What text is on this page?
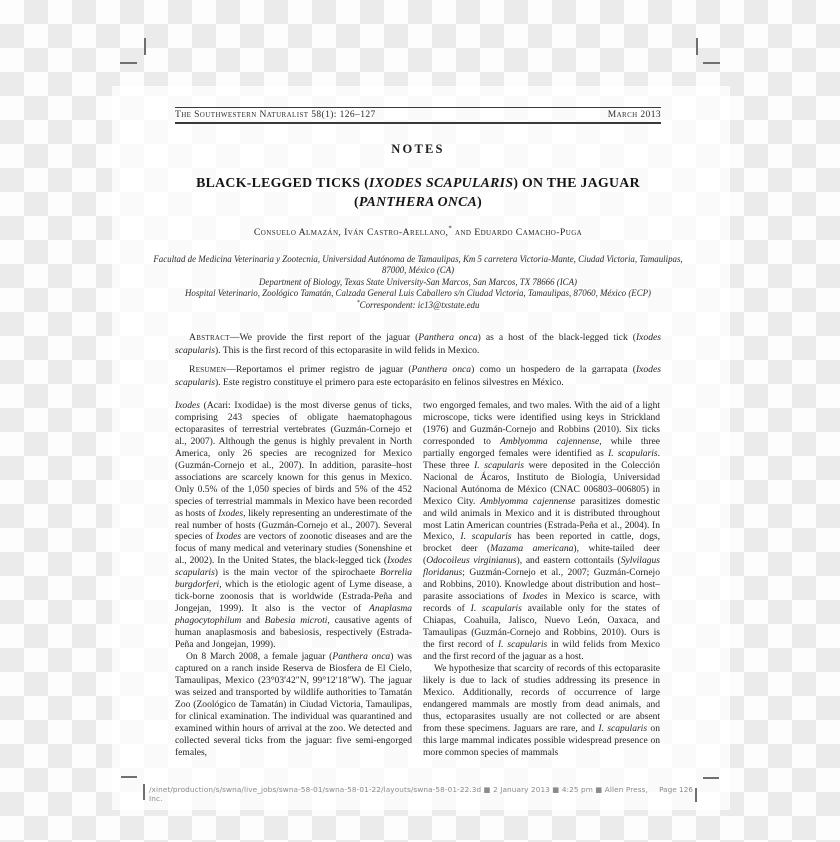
The Southwestern Naturalist 58(1): 126–127	March 2013
NOTES
BLACK-LEGGED TICKS (IXODES SCAPULARIS) ON THE JAGUAR
(PANTHERA ONCA)
Consuelo Almazán, Iván Castro-Arellano,* and Eduardo Camacho-Puga
Facultad de Medicina Veterinaria y Zootecnia, Universidad Autónoma de Tamaulipas, Km 5 carretera Victoria-Mante, Ciudad Victoria, Tamaulipas, 87000, México (CA)
Department of Biology, Texas State University-San Marcos, San Marcos, TX 78666 (ICA)
Hospital Veterinario, Zoológico Tamatán, Calzada General Luis Caballero s/n Ciudad Victoria, Tamaulipas, 87060, México (ECP)
*Correspondent: ic13@txstate.edu

Abstract—We provide the first report of the jaguar (Panthera onca) as a host of the black-legged tick (Ixodes scapularis). This is the first record of this ectoparasite in wild felids in Mexico.

Resumen—Reportamos el primer registro de jaguar (Panthera onca) como un hospedero de la garrapata (Ixodes scapularis). Este registro constituye el primero para este ectoparásito en felinos silvestres en México.

Ixodes (Acari: Ixodidae) is the most diverse genus of ticks, comprising 243 species of obligate haematophagous ectoparasites of terrestrial vertebrates (Guzmán-Cornejo et al., 2007). Although the genus is highly prevalent in North America, only 26 species are recognized for Mexico (Guzmán-Cornejo et al., 2007). In addition, parasite–host associations are scarcely known for this genus in Mexico. Only 0.5% of the 1,050 species of birds and 5% of the 452 species of terrestrial mammals in Mexico have been recorded as hosts of Ixodes, likely representing an underestimate of the real number of hosts (Guzmán-Cornejo et al., 2007). Several species of Ixodes are vectors of zoonotic diseases and are the focus of many medical and veterinary studies (Sonenshine et al., 2002). In the United States, the black-legged tick (Ixodes scapularis) is the main vector of the spirochaete Borrelia burgdorferi, which is the etiologic agent of Lyme disease, a tick-borne zoonosis that is worldwide (Estrada-Peña and Jongejan, 1999). It also is the vector of Anaplasma phagocytophilum and Babesia microti, causative agents of human anaplasmosis and babesiosis, respectively (Estrada-Peña and Jongejan, 1999).

On 8 March 2008, a female jaguar (Panthera onca) was captured on a ranch inside Reserva de Biosfera de El Cielo, Tamaulipas, Mexico (23°03′42″N, 99°12′18″W). The jaguar was seized and transported by wildlife authorities to Tamatán Zoo (Zoológico de Tamatán) in Ciudad Victoria, Tamaulipas, for clinical examination. The individual was quarantined and examined within hours of arrival at the zoo. We detected and collected several ticks from the jaguar: five semi-engorged females,

two engorged females, and two males. With the aid of a light microscope, ticks were identified using keys in Strickland (1976) and Guzmán-Cornejo and Robbins (2010). Six ticks corresponded to Amblyomma cajennense, while three partially engorged females were identified as I. scapularis. These three I. scapularis were deposited in the Colección Nacional de Ácaros, Instituto de Biología, Universidad Nacional Autónoma de México (CNAC 006803–006805) in Mexico City. Amblyomma cajennense parasitizes domestic and wild animals in Mexico and it is distributed throughout most Latin American countries (Estrada-Peña et al., 2004). In Mexico, I. scapularis has been reported in cattle, dogs, brocket deer (Mazama americana), white-tailed deer (Odocoileus virginianus), and eastern cottontails (Sylvilagus floridanus; Guzmán-Cornejo et al., 2007; Guzmán-Cornejo and Robbins, 2010). Knowledge about distribution and host–parasite associations of Ixodes in Mexico is scarce, with records of I. scapularis available only for the states of Chiapas, Coahuila, Jalisco, Nuevo León, Oaxaca, and Tamaulipas (Guzmán-Cornejo and Robbins, 2010). Ours is the first record of I. scapularis in wild felids from Mexico and the first record of the jaguar as a host.

We hypothesize that scarcity of records of this ectoparasite likely is due to lack of studies addressing its presence in Mexico. Additionally, records of occurrence of large endangered mammals are mostly from dead animals, and thus, ectoparasites usually are not collected or are absent from these specimens. Jaguars are rare, and I. scapularis on this large mammal indicates possible widespread presence on more common species of mammals

/xinet/production/s/swna/live_jobs/swna-58-01/swna-58-01-22/layouts/swna-58-01-22.3d ■ 2 January 2013 ■ 4:25 pm ■ Allen Press, Inc.
Page 126
